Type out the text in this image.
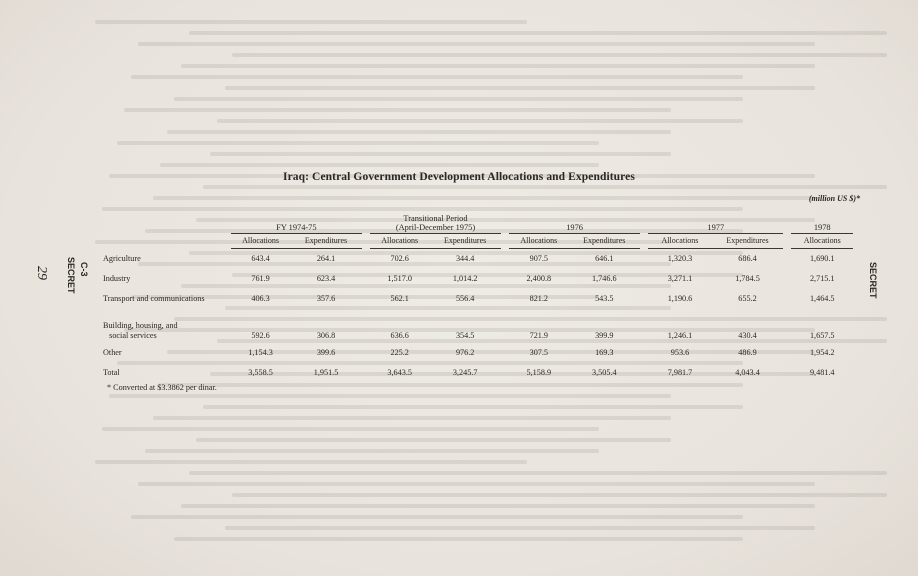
Iraq: Central Government Development Allocations and Expenditures
(million US $)*
SECRET C-3
29	SECRET
	FY 1974-75			Transitional Period
(April-December 1975)			1976			1977			1978
	Allocations	Expenditures		Allocations	Expenditures		Allocations	Expenditures		Allocations	Expenditures		Allocations
Agriculture	643.4	264.1		702.6	344.4		907.5	646.1		1,320.3	686.4		1,690.1
Industry	761.9	623.4		1,517.0	1,014.2		2,400.8	1,746.6		3,271.1	1,784.5		2,715.1
Transport and communications	406.3	357.6		562.1	556.4		821.2	543.5		1,190.6	655.2		1,464.5
Building, housing, and
social services	592.6	306.8		636.6	354.5		721.9	399.9		1,246.1	430.4		1,657.5
Other	1,154.3	399.6		225.2	976.2		307.5	169.3		953.6	486.9		1,954.2
Total	3,558.5	1,951.5		3,643.5	3,245.7		5,158.9	3,505.4		7,981.7	4,043.4		9,481.4
* Converted at $3.3862 per dinar.
